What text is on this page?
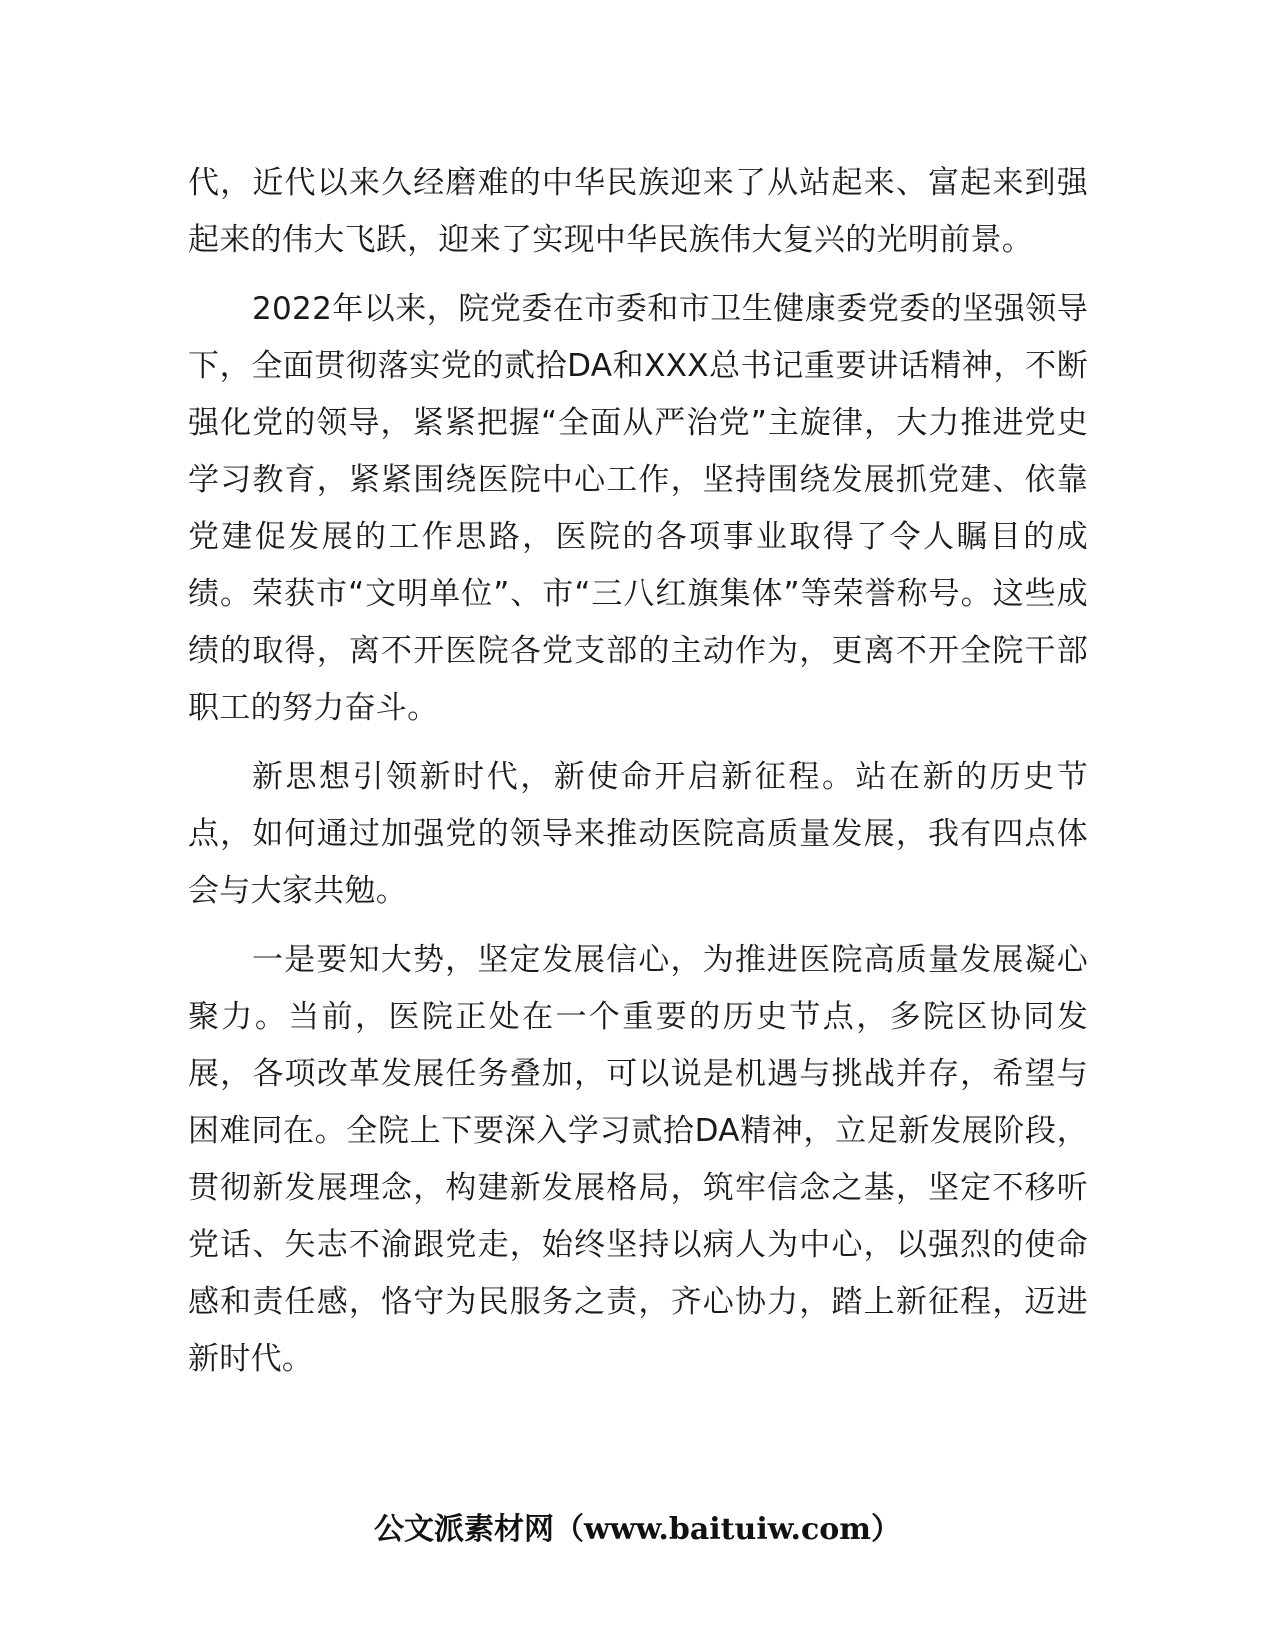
代，近代以来久经磨难的中华民族迎来了从站起来、富起来到强起来的伟大飞跃，迎来了实现中华民族伟大复兴的光明前景。

2022年以来，院党委在市委和市卫生健康委党委的坚强领导下，全面贯彻落实党的贰拾DA和XXX总书记重要讲话精神，不断强化党的领导，紧紧把握“全面从严治党”主旋律，大力推进党史学习教育，紧紧围绕医院中心工作，坚持围绕发展抓党建、依靠党建促发展的工作思路，医院的各项事业取得了令人瞩目的成绩。荣获市“文明单位”、市“三八红旗集体”等荣誉称号。这些成绩的取得，离不开医院各党支部的主动作为，更离不开全院干部职工的努力奋斗。

新思想引领新时代，新使命开启新征程。站在新的历史节点，如何通过加强党的领导来推动医院高质量发展，我有四点体会与大家共勉。

一是要知大势，坚定发展信心，为推进医院高质量发展凝心聚力。当前，医院正处在一个重要的历史节点，多院区协同发展，各项改革发展任务叠加，可以说是机遇与挑战并存，希望与困难同在。全院上下要深入学习贰拾DA精神，立足新发展阶段，贯彻新发展理念，构建新发展格局，筑牢信念之基，坚定不移听党话、矢志不渝跟党走，始终坚持以病人为中心，以强烈的使命感和责任感，恪守为民服务之责，齐心协力，踏上新征程，迈进新时代。

公文派素材网（www.baituiw.com）
